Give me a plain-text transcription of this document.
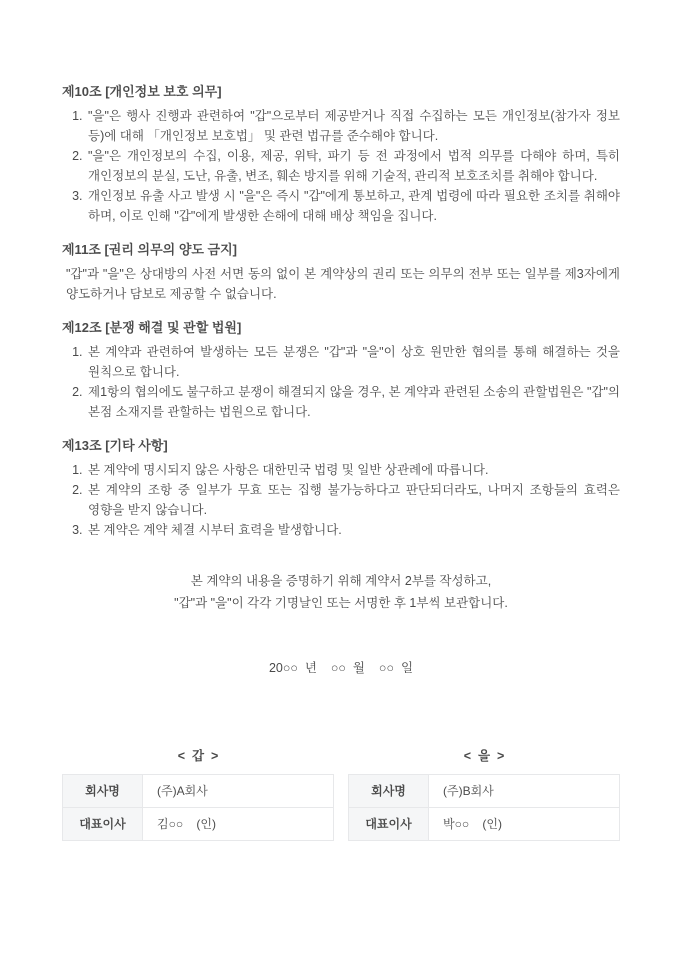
제10조 [개인정보 보호 의무]
1. "을"은 행사 진행과 관련하여 "갑"으로부터 제공받거나 직접 수집하는 모든 개인정보(참가자 정보 등)에 대해 「개인정보 보호법」 및 관련 법규를 준수해야 합니다.
2. "을"은 개인정보의 수집, 이용, 제공, 위탁, 파기 등 전 과정에서 법적 의무를 다해야 하며, 특히 개인정보의 분실, 도난, 유출, 변조, 훼손 방지를 위해 기술적, 관리적 보호조치를 취해야 합니다.
3. 개인정보 유출 사고 발생 시 "을"은 즉시 "갑"에게 통보하고, 관계 법령에 따라 필요한 조치를 취해야 하며, 이로 인해 "갑"에게 발생한 손해에 대해 배상 책임을 집니다.
제11조 [권리 의무의 양도 금지]

"갑"과 "을"은 상대방의 사전 서면 동의 없이 본 계약상의 권리 또는 의무의 전부 또는 일부를 제3자에게 양도하거나 담보로 제공할 수 없습니다.

제12조 [분쟁 해결 및 관할 법원]
1. 본 계약과 관련하여 발생하는 모든 분쟁은 "갑"과 "을"이 상호 원만한 협의를 통해 해결하는 것을 원칙으로 합니다.
2. 제1항의 협의에도 불구하고 분쟁이 해결되지 않을 경우, 본 계약과 관련된 소송의 관할법원은 "갑"의 본점 소재지를 관할하는 법원으로 합니다.
제13조 [기타 사항]
1. 본 계약에 명시되지 않은 사항은 대한민국 법령 및 일반 상관례에 따릅니다.
2. 본 계약의 조항 중 일부가 무효 또는 집행 불가능하다고 판단되더라도, 나머지 조항들의 효력은 영향을 받지 않습니다.
3. 본 계약은 계약 체결 시부터 효력을 발생합니다.
본 계약의 내용을 증명하기 위해 계약서 2부를 작성하고,
"갑"과 "을"이 각각 기명날인 또는 서명한 후 1부씩 보관합니다.
20○○  년    ○○  월    ○○  일
<  갑  >
회사명	(주)A회사
대표이사	김○○    (인)
<  을  >
회사명	(주)B회사
대표이사	박○○    (인)
